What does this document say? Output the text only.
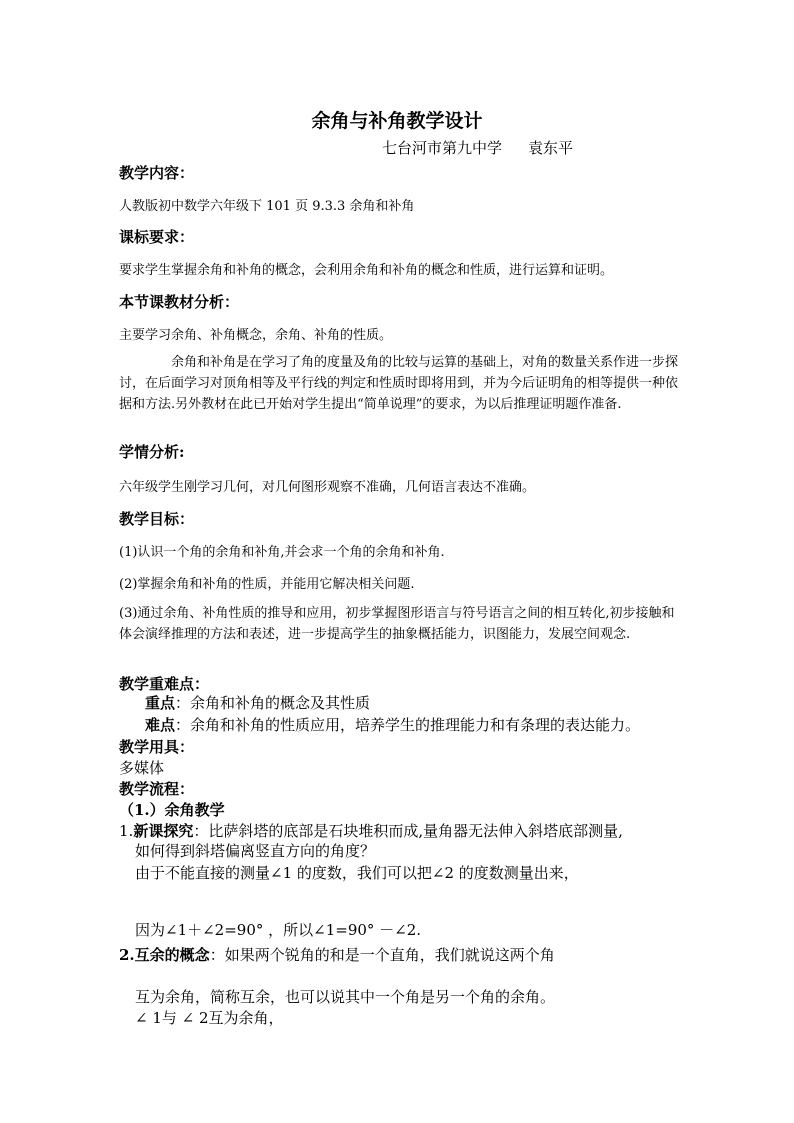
余角与补角教学设计
七台河市第九中学 袁东平
教学内容：
人教版初中数学六年级下 101 页 9.3.3 余角和补角
课标要求：
要求学生掌握余角和补角的概念，会利用余角和补角的概念和性质，进行运算和证明。
本节课教材分析：
主要学习余角、补角概念，余角、补角的性质。

余角和补角是在学习了角的度量及角的比较与运算的基础上，对角的数量关系作进一步探讨，在后面学习对顶角相等及平行线的判定和性质时即将用到，并为今后证明角的相等提供一种依据和方法.另外教材在此已开始对学生提出“简单说理”的要求，为以后推理证明题作准备.

学情分析:
六年级学生刚学习几何，对几何图形观察不准确，几何语言表达不准确。
教学目标：
(1)认识一个角的余角和补角,并会求一个角的余角和补角.
(2)掌握余角和补角的性质，并能用它解决相关问题.

(3)通过余角、补角性质的推导和应用，初步掌握图形语言与符号语言之间的相互转化,初步接触和体会演绎推理的方法和表述，进一步提高学生的抽象概括能力，识图能力，发展空间观念.

教学重难点：
重点：余角和补角的概念及其性质
难点：余角和补角的性质应用，培养学生的推理能力和有条理的表达能力。
教学用具：
多媒体
教学流程：
（1.）余角教学
1.新课探究：比萨斜塔的底部是石块堆积而成,量角器无法伸入斜塔底部测量,
如何得到斜塔偏离竖直方向的角度？
由于不能直接的测量∠1 的度数，我们可以把∠2 的度数测量出来，
因为∠1＋∠2=90° ，所以∠1=90° －∠2.
2.互余的概念：如果两个锐角的和是一个直角，我们就说这两个角
互为余角，简称互余，也可以说其中一个角是另一个角的余角。
∠ 1与 ∠ 2互为余角，
